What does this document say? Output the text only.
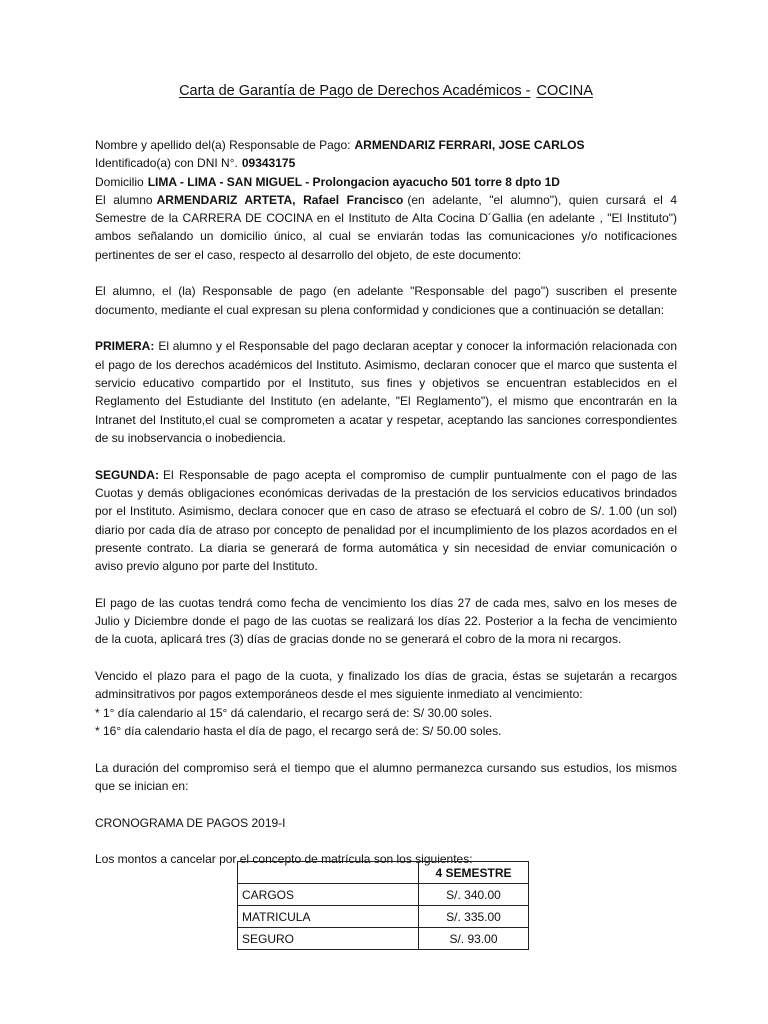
Carta de Garantía de Pago de Derechos Académicos - COCINA

Nombre y apellido del(a) Responsable de Pago: ARMENDARIZ FERRARI, JOSE CARLOS
Identificado(a) con DNI N°. 09343175
Domicilio LIMA - LIMA - SAN MIGUEL - Prolongacion ayacucho 501 torre 8 dpto 1D

El alumno ARMENDARIZ ARTETA, Rafael Francisco (en adelante, "el alumno"), quien cursará el 4 Semestre de la CARRERA DE COCINA en el Instituto de Alta Cocina D´Gallia (en adelante , "El Instituto") ambos señalando un domicilio único, al cual se enviarán todas las comunicaciones y/o notificaciones pertinentes de ser el caso, respecto al desarrollo del objeto, de este documento:

El alumno, el (la) Responsable de pago (en adelante "Responsable del pago") suscriben el presente documento, mediante el cual expresan su plena conformidad y condiciones que a continuación se detallan:

PRIMERA: El alumno y el Responsable del pago declaran aceptar y conocer la información relacionada con el pago de los derechos académicos del Instituto. Asimismo, declaran conocer que el marco que sustenta el servicio educativo compartido por el Instituto, sus fines y objetivos se encuentran establecidos en el Reglamento del Estudiante del Instituto (en adelante, "El Reglamento"), el mismo que encontrarán en la Intranet del Instituto,el cual se comprometen a acatar y respetar, aceptando las sanciones correspondientes de su inobservancia o inobediencia.

SEGUNDA: El Responsable de pago acepta el compromiso de cumplir puntualmente con el pago de las Cuotas y demás obligaciones económicas derivadas de la prestación de los servicios educativos brindados por el Instituto. Asimismo, declara conocer que en caso de atraso se efectuará el cobro de S/. 1.00 (un sol) diario por cada día de atraso por concepto de penalidad por el incumplimiento de los plazos acordados en el presente contrato. La diaria se generará de forma automática y sin necesidad de enviar comunicación o aviso previo alguno por parte del Instituto.

El pago de las cuotas tendrá como fecha de vencimiento los días 27 de cada mes, salvo en los meses de Julio y Diciembre donde el pago de las cuotas se realizará los días 22. Posterior a la fecha de vencimiento de la cuota, aplicará tres (3) días de gracias donde no se generará el cobro de la mora ni recargos.

Vencido el plazo para el pago de la cuota, y finalizado los días de gracia, éstas se sujetarán a recargos adminsitrativos por pagos extemporáneos desde el mes siguiente inmediato al vencimiento:
* 1° día calendario al 15° dá calendario, el recargo será de: S/ 30.00 soles.
* 16° día calendario hasta el día de pago, el recargo será de: S/ 50.00 soles.

La duración del compromiso será el tiempo que el alumno permanezca cursando sus estudios, los mismos que se inician en:

CRONOGRAMA DE PAGOS 2019-I

Los montos a cancelar por el concepto de matrícula son los siguientes:

	4 SEMESTRE
CARGOS	S/. 340.00
MATRICULA	S/. 335.00
SEGURO	S/. 93.00
